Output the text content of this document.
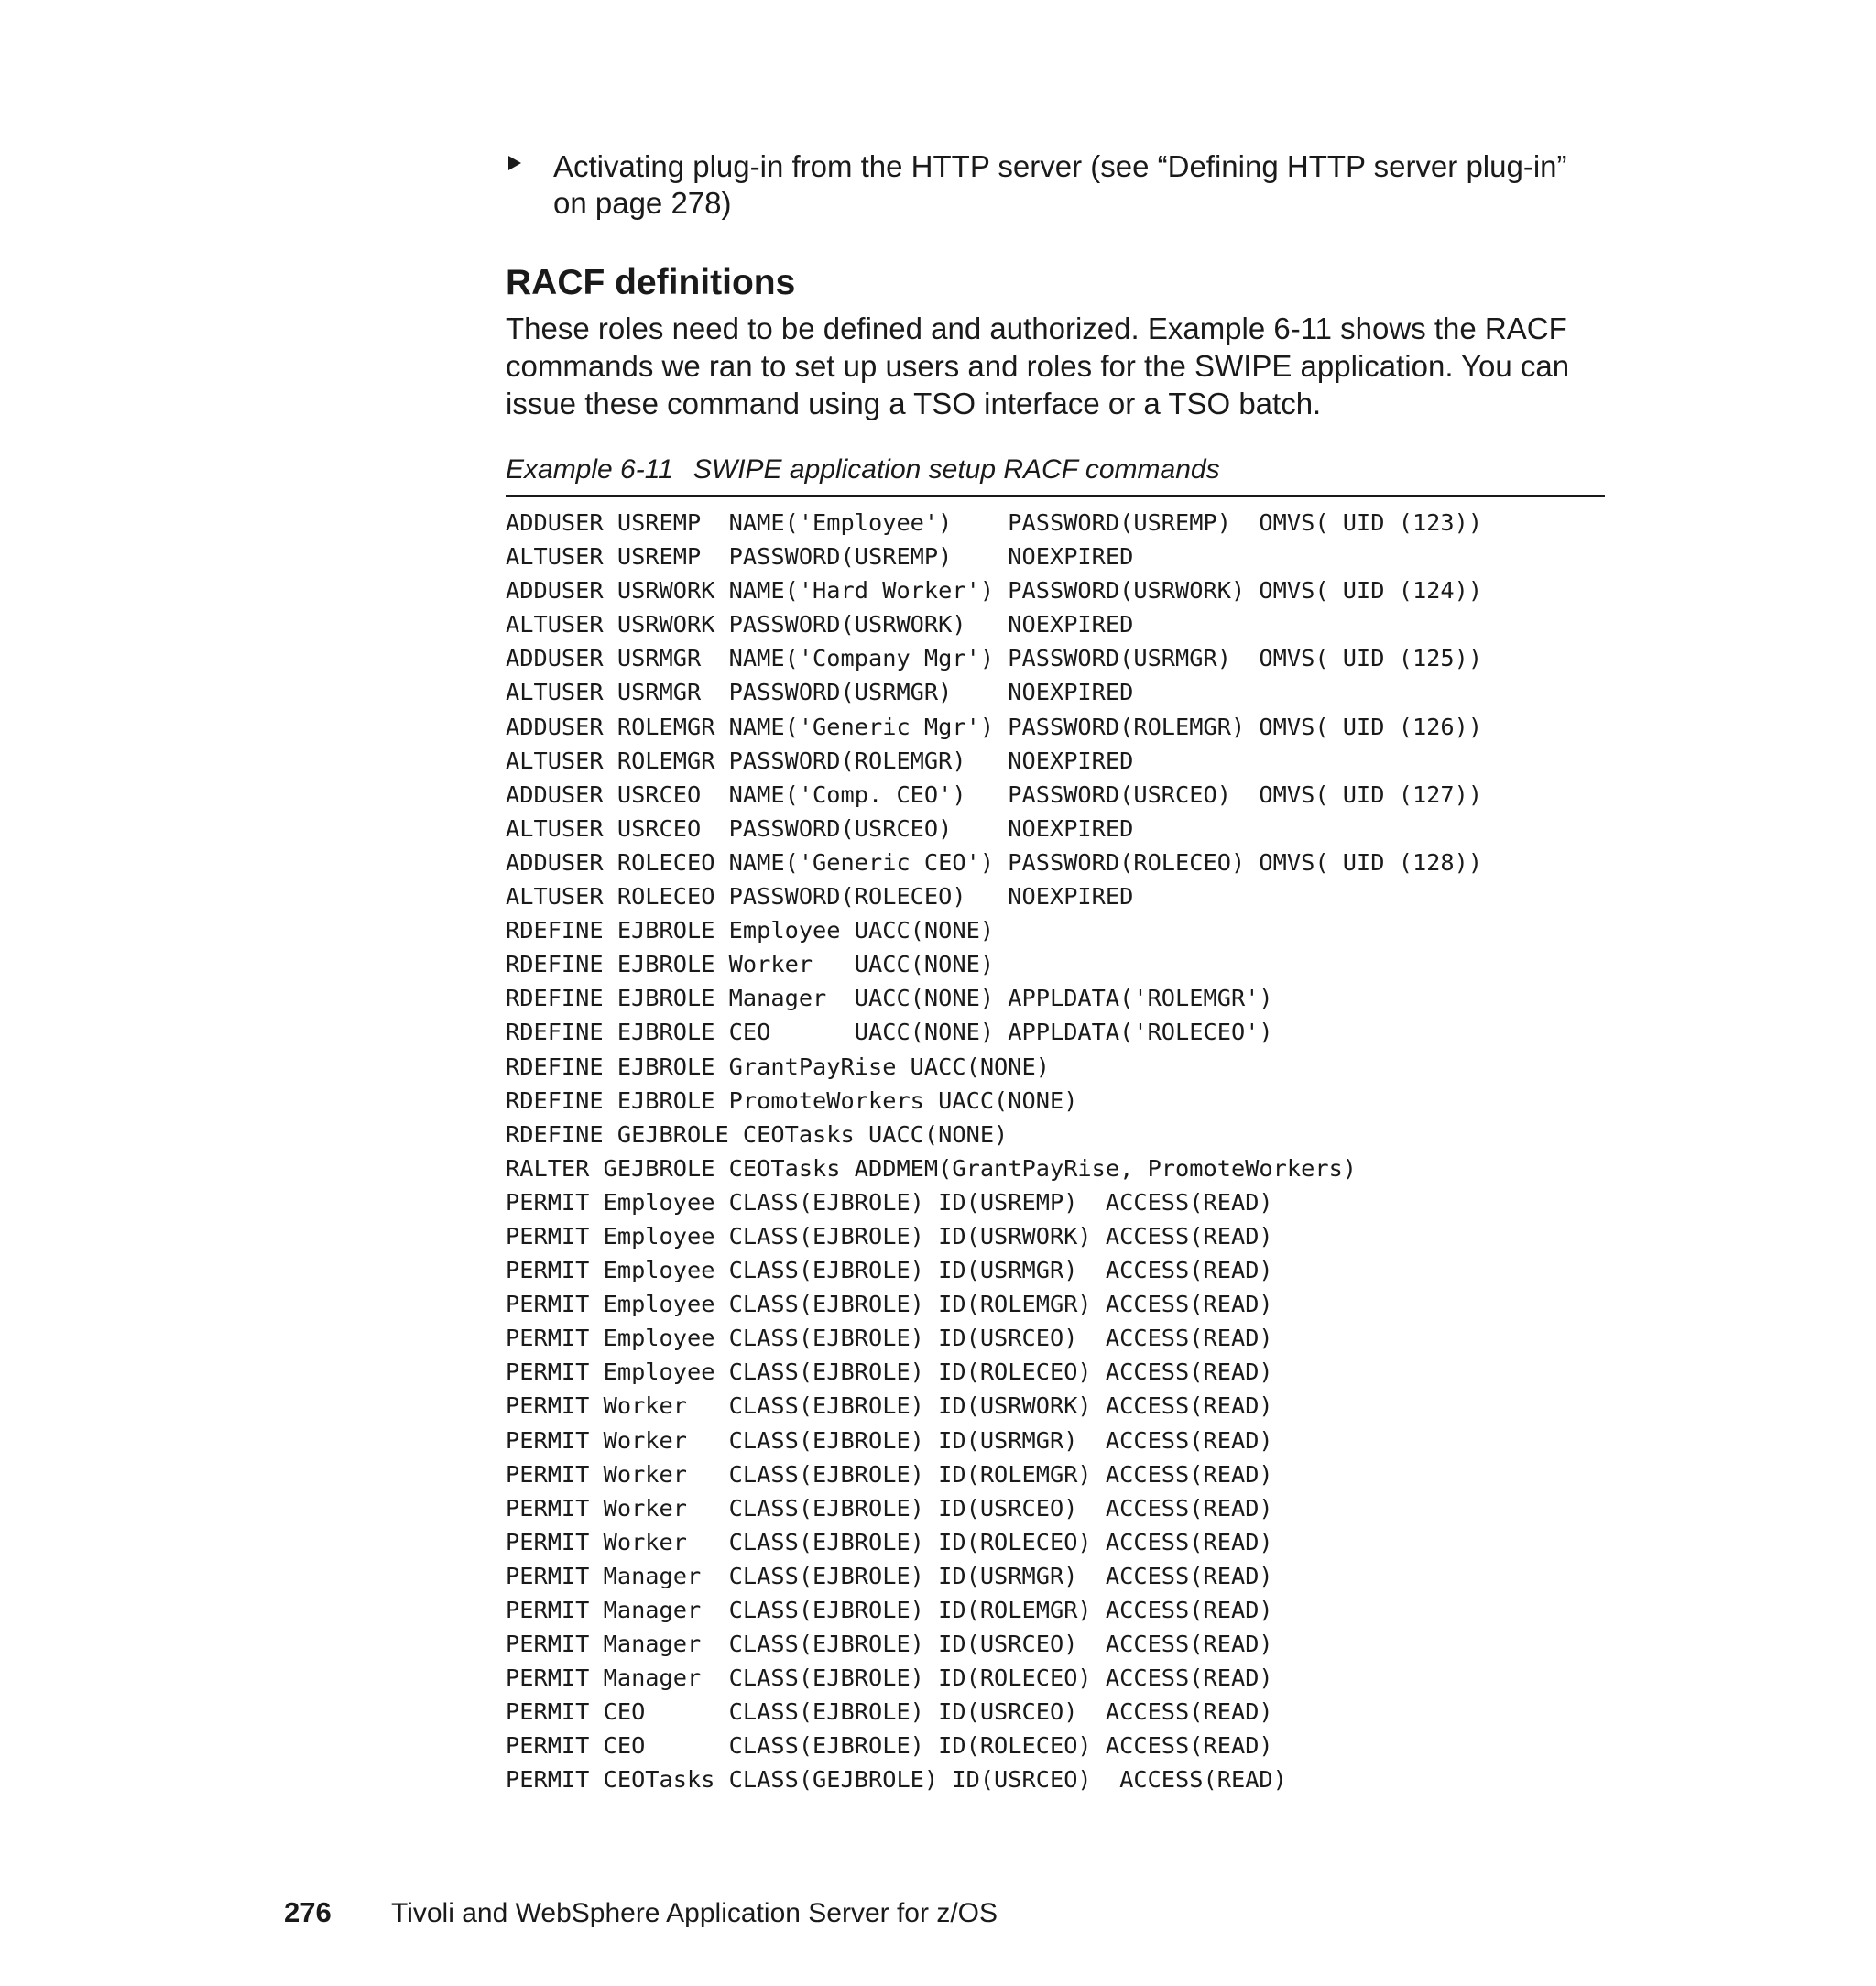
Activating plug-in from the HTTP server (see “Defining HTTP server plug-in”
on page 278)
RACF definitions

These roles need to be defined and authorized. Example 6-11 shows the RACF
commands we ran to set up users and roles for the SWIPE application. You can
issue these command using a TSO interface or a TSO batch.

Example 6-11 SWIPE application setup RACF commands

ADDUSER USREMP  NAME('Employee')    PASSWORD(USREMP)  OMVS( UID (123))
ALTUSER USREMP  PASSWORD(USREMP)    NOEXPIRED
ADDUSER USRWORK NAME('Hard Worker') PASSWORD(USRWORK) OMVS( UID (124))
ALTUSER USRWORK PASSWORD(USRWORK)   NOEXPIRED
ADDUSER USRMGR  NAME('Company Mgr') PASSWORD(USRMGR)  OMVS( UID (125))
ALTUSER USRMGR  PASSWORD(USRMGR)    NOEXPIRED
ADDUSER ROLEMGR NAME('Generic Mgr') PASSWORD(ROLEMGR) OMVS( UID (126))
ALTUSER ROLEMGR PASSWORD(ROLEMGR)   NOEXPIRED
ADDUSER USRCEO  NAME('Comp. CEO')   PASSWORD(USRCEO)  OMVS( UID (127))
ALTUSER USRCEO  PASSWORD(USRCEO)    NOEXPIRED
ADDUSER ROLECEO NAME('Generic CEO') PASSWORD(ROLECEO) OMVS( UID (128))
ALTUSER ROLECEO PASSWORD(ROLECEO)   NOEXPIRED
RDEFINE EJBROLE Employee UACC(NONE)
RDEFINE EJBROLE Worker   UACC(NONE)
RDEFINE EJBROLE Manager  UACC(NONE) APPLDATA('ROLEMGR')
RDEFINE EJBROLE CEO      UACC(NONE) APPLDATA('ROLECEO')
RDEFINE EJBROLE GrantPayRise UACC(NONE)
RDEFINE EJBROLE PromoteWorkers UACC(NONE)
RDEFINE GEJBROLE CEOTasks UACC(NONE)
RALTER GEJBROLE CEOTasks ADDMEM(GrantPayRise, PromoteWorkers)
PERMIT Employee CLASS(EJBROLE) ID(USREMP)  ACCESS(READ)
PERMIT Employee CLASS(EJBROLE) ID(USRWORK) ACCESS(READ)
PERMIT Employee CLASS(EJBROLE) ID(USRMGR)  ACCESS(READ)
PERMIT Employee CLASS(EJBROLE) ID(ROLEMGR) ACCESS(READ)
PERMIT Employee CLASS(EJBROLE) ID(USRCEO)  ACCESS(READ)
PERMIT Employee CLASS(EJBROLE) ID(ROLECEO) ACCESS(READ)
PERMIT Worker   CLASS(EJBROLE) ID(USRWORK) ACCESS(READ)
PERMIT Worker   CLASS(EJBROLE) ID(USRMGR)  ACCESS(READ)
PERMIT Worker   CLASS(EJBROLE) ID(ROLEMGR) ACCESS(READ)
PERMIT Worker   CLASS(EJBROLE) ID(USRCEO)  ACCESS(READ)
PERMIT Worker   CLASS(EJBROLE) ID(ROLECEO) ACCESS(READ)
PERMIT Manager  CLASS(EJBROLE) ID(USRMGR)  ACCESS(READ)
PERMIT Manager  CLASS(EJBROLE) ID(ROLEMGR) ACCESS(READ)
PERMIT Manager  CLASS(EJBROLE) ID(USRCEO)  ACCESS(READ)
PERMIT Manager  CLASS(EJBROLE) ID(ROLECEO) ACCESS(READ)
PERMIT CEO      CLASS(EJBROLE) ID(USRCEO)  ACCESS(READ)
PERMIT CEO      CLASS(EJBROLE) ID(ROLECEO) ACCESS(READ)
PERMIT CEOTasks CLASS(GEJBROLE) ID(USRCEO)  ACCESS(READ)
276 Tivoli and WebSphere Application Server for z/OS
